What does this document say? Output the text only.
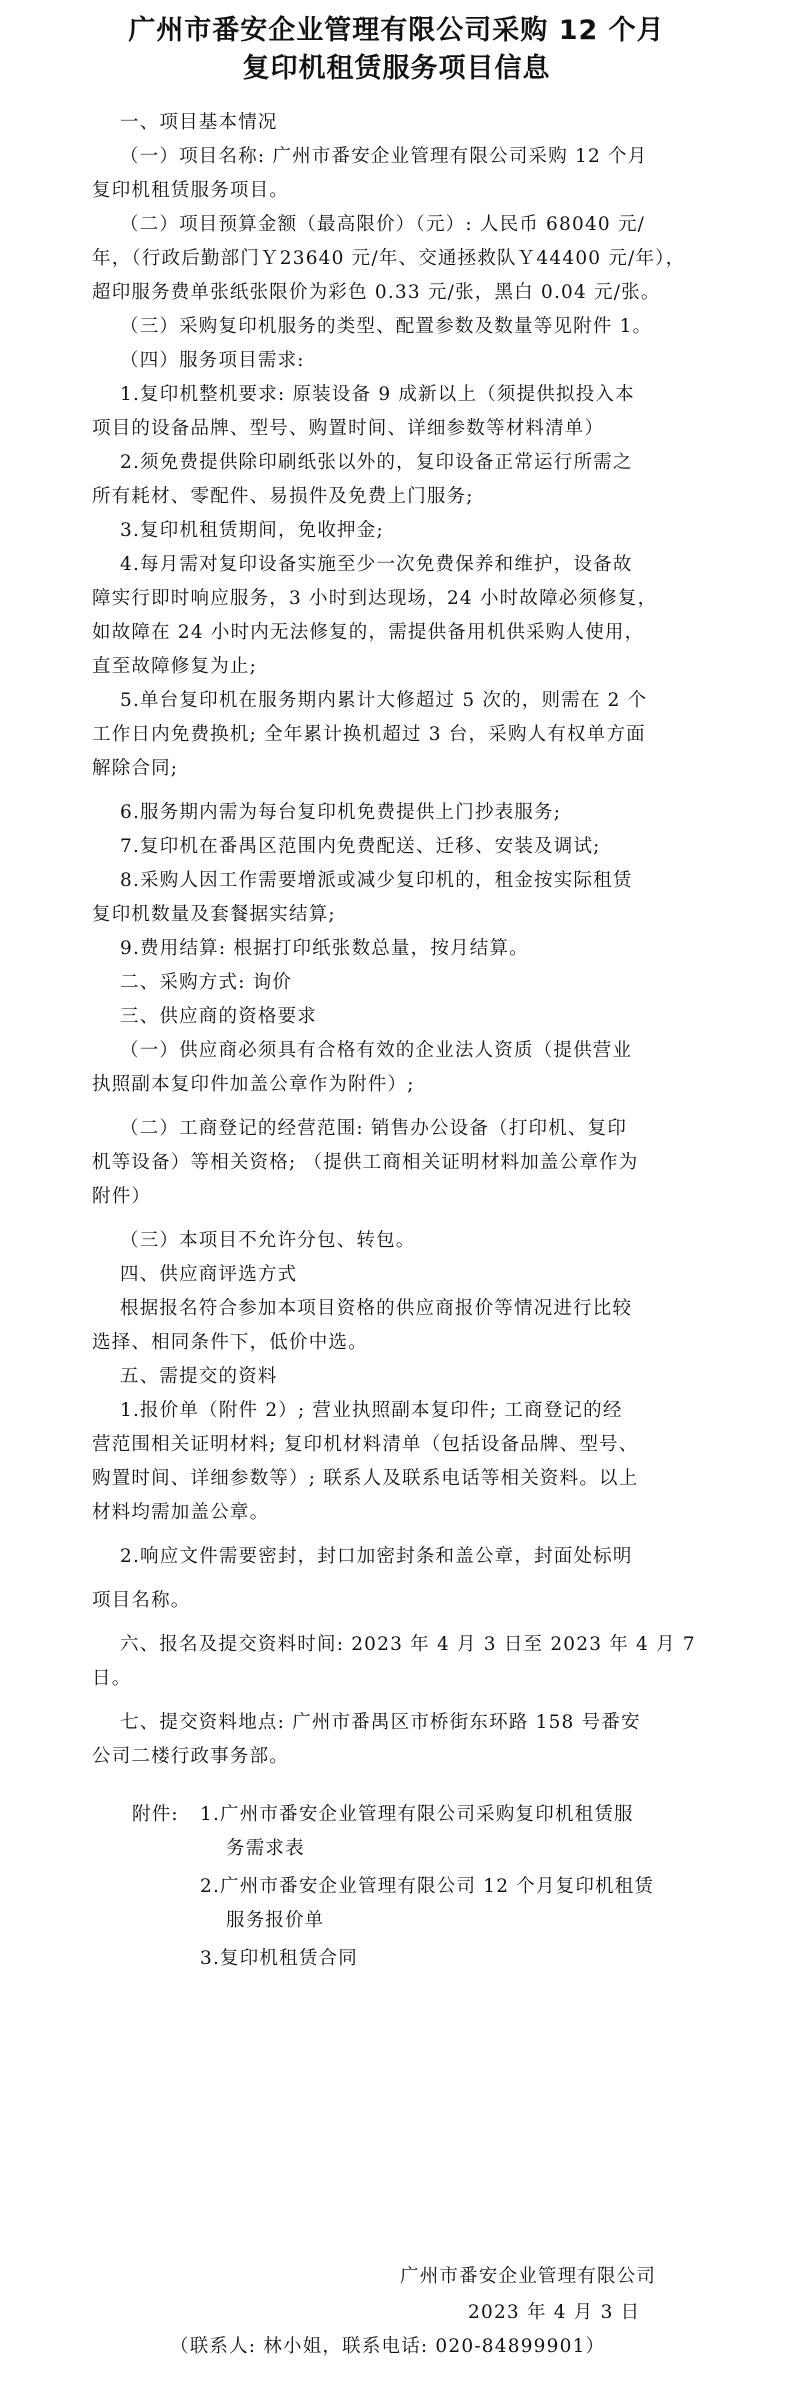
广州市番安企业管理有限公司采购 12 个月
复印机租赁服务项目信息
一、项目基本情况
（一）项目名称: 广州市番安企业管理有限公司采购 12 个月
复印机租赁服务项目。
（二）项目预算金额（最高限价）（元）: 人民币 68040 元/
年，（行政后勤部门Ｙ23640 元/年、交通拯救队Ｙ44400 元/年），
超印服务费单张纸张限价为彩色 0.33 元/张，黑白 0.04 元/张。
（三）采购复印机服务的类型、配置参数及数量等见附件 1。
（四）服务项目需求:
1.复印机整机要求: 原装设备 9 成新以上（须提供拟投入本
项目的设备品牌、型号、购置时间、详细参数等材料清单）
2.须免费提供除印刷纸张以外的，复印设备正常运行所需之
所有耗材、零配件、易损件及免费上门服务;
3.复印机租赁期间，免收押金;
4.每月需对复印设备实施至少一次免费保养和维护，设备故
障实行即时响应服务，3 小时到达现场，24 小时故障必须修复，
如故障在 24 小时内无法修复的，需提供备用机供采购人使用，
直至故障修复为止;
5.单台复印机在服务期内累计大修超过 5 次的，则需在 2 个
工作日内免费换机; 全年累计换机超过 3 台，采购人有权单方面
解除合同;
6.服务期内需为每台复印机免费提供上门抄表服务;
7.复印机在番禺区范围内免费配送、迁移、安装及调试;
8.采购人因工作需要增派或减少复印机的，租金按实际租赁
复印机数量及套餐据实结算;
9.费用结算: 根据打印纸张数总量，按月结算。
二、采购方式: 询价
三、供应商的资格要求
（一）供应商必须具有合格有效的企业法人资质（提供营业
执照副本复印件加盖公章作为附件）;
（二）工商登记的经营范围: 销售办公设备（打印机、复印
机等设备）等相关资格; （提供工商相关证明材料加盖公章作为
附件）
（三）本项目不允许分包、转包。
四、供应商评选方式
根据报名符合参加本项目资格的供应商报价等情况进行比较
选择、相同条件下，低价中选。
五、需提交的资料
1.报价单（附件 2）; 营业执照副本复印件; 工商登记的经
营范围相关证明材料; 复印机材料清单（包括设备品牌、型号、
购置时间、详细参数等）; 联系人及联系电话等相关资料。以上
材料均需加盖公章。
2.响应文件需要密封，封口加密封条和盖公章，封面处标明
项目名称。
六、报名及提交资料时间: 2023 年 4 月 3 日至 2023 年 4 月 7
日。
七、提交资料地点: 广州市番禺区市桥街东环路 158 号番安
公司二楼行政事务部。
附件: 1.广州市番安企业管理有限公司采购复印机租赁服
务需求表
2.广州市番安企业管理有限公司 12 个月复印机租赁
服务报价单
3.复印机租赁合同
广州市番安企业管理有限公司
2023 年 4 月 3 日
（联系人: 林小姐，联系电话: 020-84899901）
